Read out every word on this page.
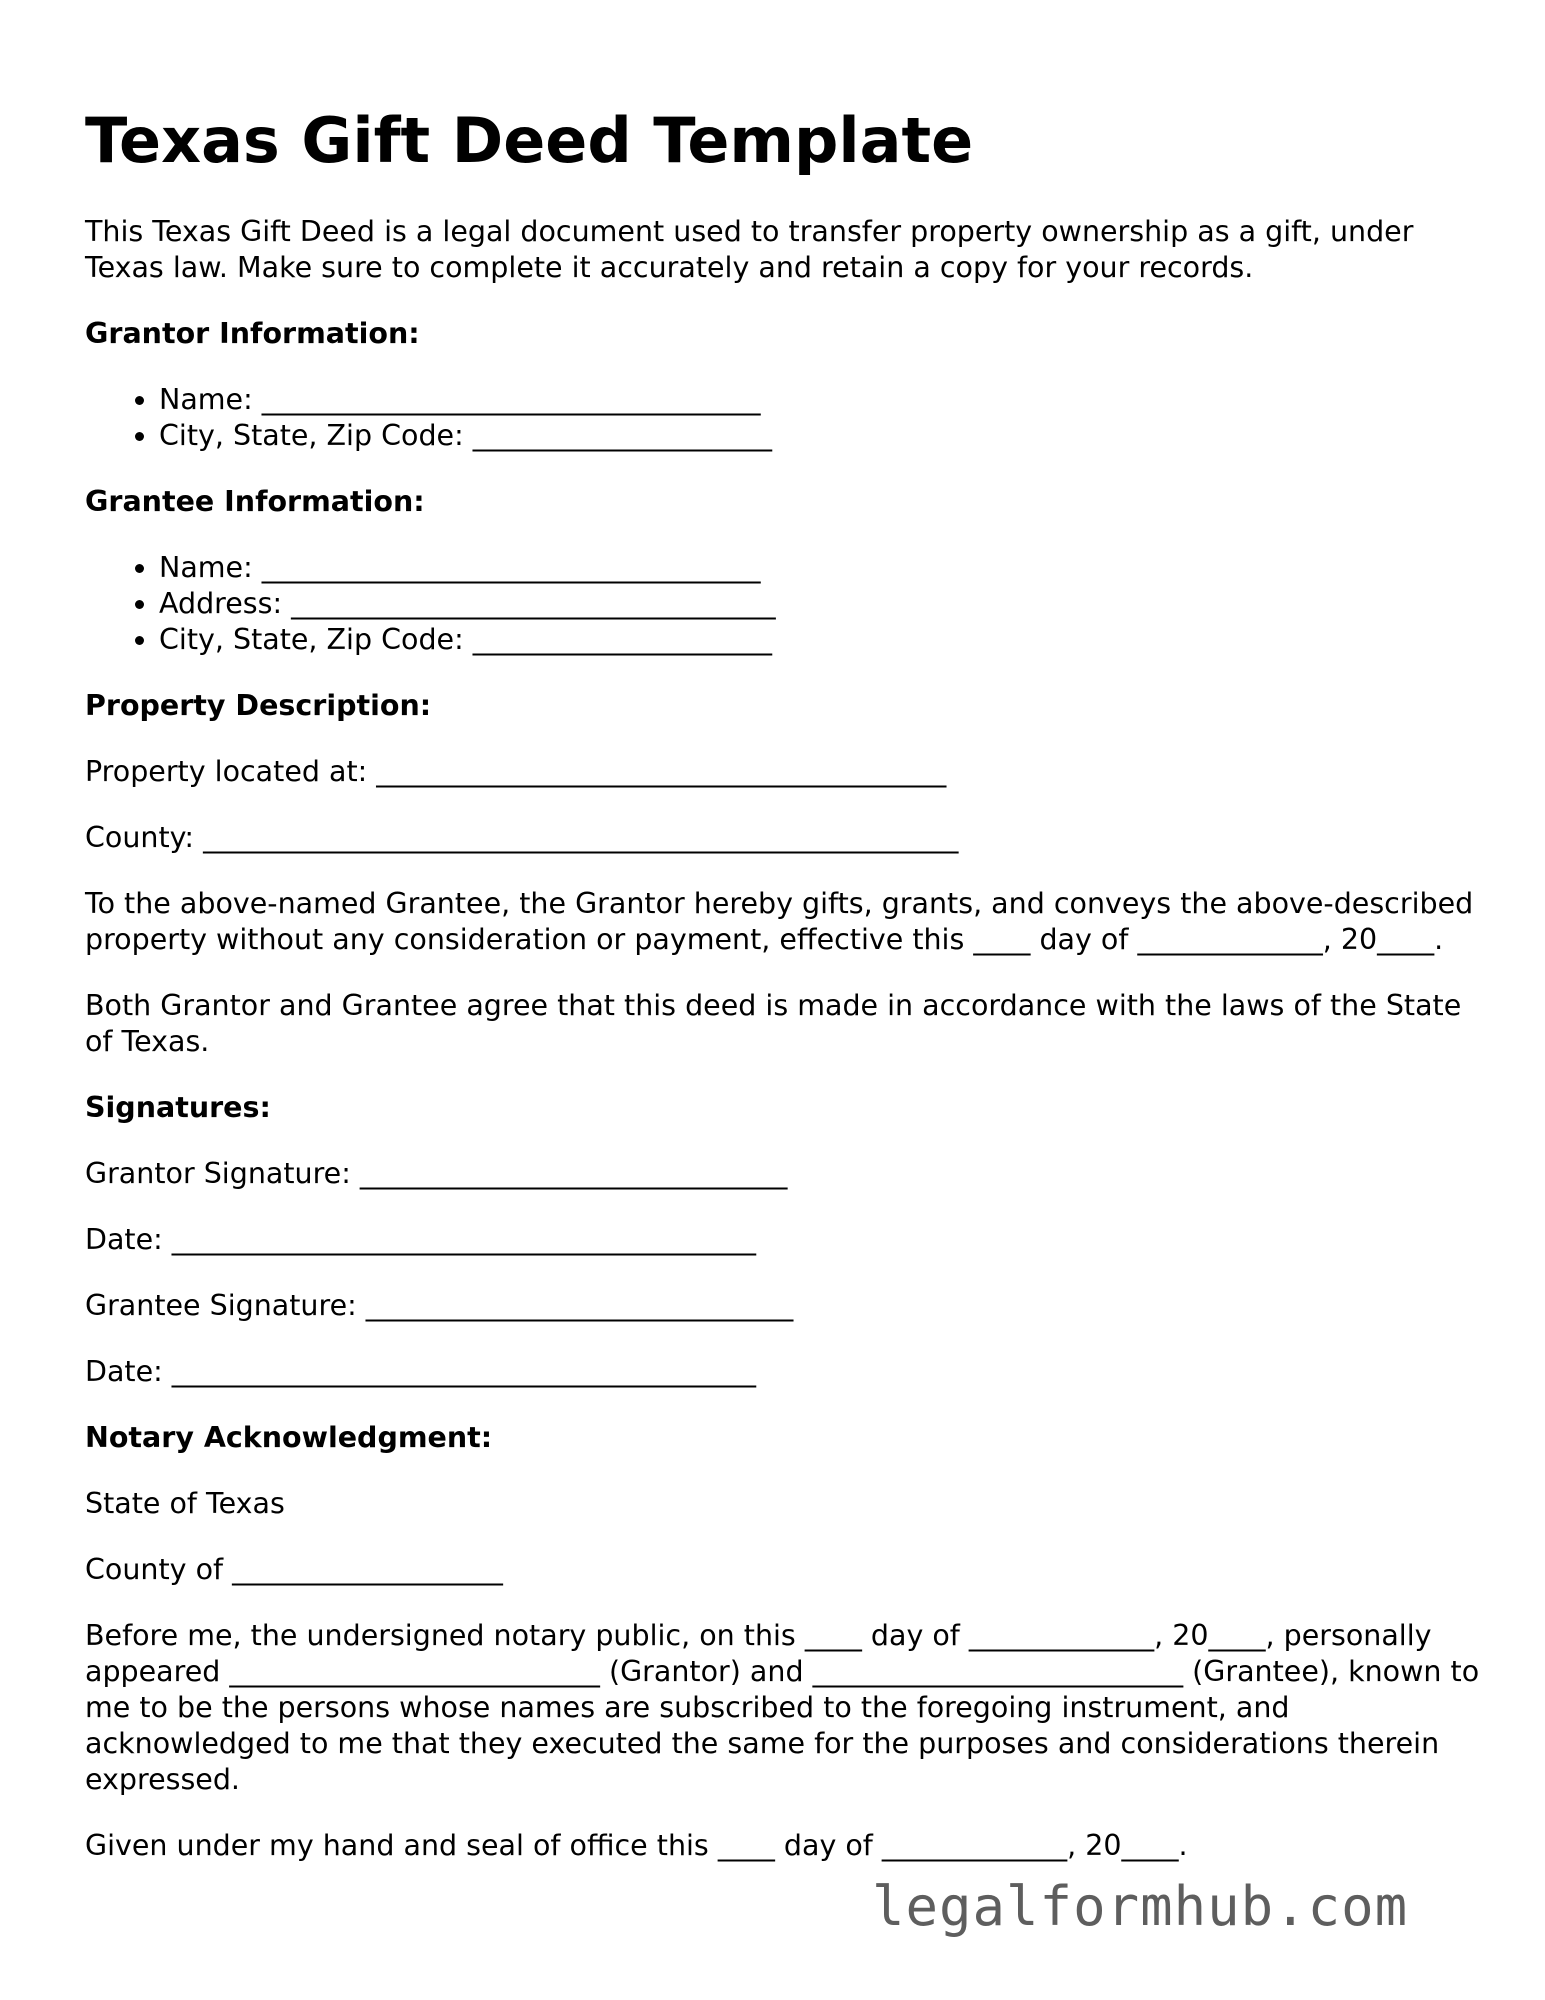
Texas Gift Deed Template

This Texas Gift Deed is a legal document used to transfer property ownership as a gift, under Texas law. Make sure to complete it accurately and retain a copy for your records.

Grantor Information:
• Name: ___________________________________
• City, State, Zip Code: _____________________
Grantee Information:
• Name: ___________________________________
• Address: __________________________________
• City, State, Zip Code: _____________________
Property Description:

Property located at: ________________________________________

County: _____________________________________________________

To the above-named Grantee, the Grantor hereby gifts, grants, and conveys the above-described property without any consideration or payment, effective this ____ day of _____________, 20____.

Both Grantor and Grantee agree that this deed is made in accordance with the laws of the State of Texas.

Signatures:

Grantor Signature: ______________________________

Date: _________________________________________

Grantee Signature: ______________________________

Date: _________________________________________

Notary Acknowledgment:

State of Texas

County of ___________________

Before me, the undersigned notary public, on this ____ day of _____________, 20____, personally appeared __________________________ (Grantor) and __________________________ (Grantee), known to me to be the persons whose names are subscribed to the foregoing instrument, and acknowledged to me that they executed the same for the purposes and considerations therein expressed.

Given under my hand and seal of office this ____ day of _____________, 20____.

legalformhub.com
